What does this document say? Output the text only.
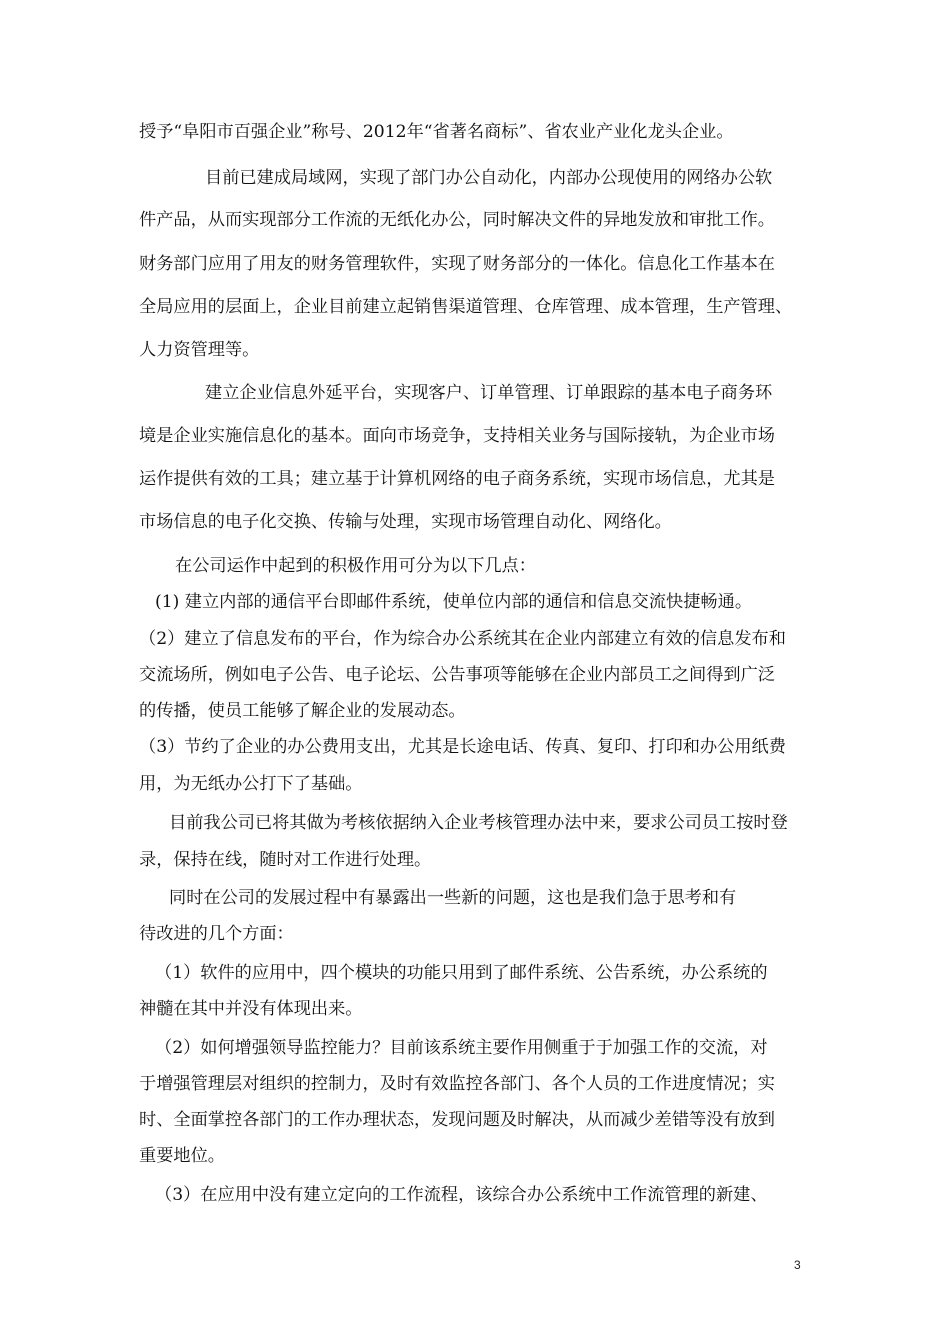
授予“阜阳市百强企业”称号、2012年“省著名商标”、省农业产业化龙头企业。
目前已建成局域网，实现了部门办公自动化，内部办公现使用的网络办公软
件产品，从而实现部分工作流的无纸化办公，同时解决文件的异地发放和审批工作。
财务部门应用了用友的财务管理软件，实现了财务部分的一体化。信息化工作基本在
全局应用的层面上，企业目前建立起销售渠道管理、仓库管理、成本管理，生产管理、
人力资管理等。
建立企业信息外延平台，实现客户、订单管理、订单跟踪的基本电子商务环
境是企业实施信息化的基本。面向市场竞争，支持相关业务与国际接轨，为企业市场
运作提供有效的工具；建立基于计算机网络的电子商务系统，实现市场信息，尤其是
市场信息的电子化交换、传输与处理，实现市场管理自动化、网络化。
在公司运作中起到的积极作用可分为以下几点：
(1) 建立内部的通信平台即邮件系统，使单位内部的通信和信息交流快捷畅通。
（2）建立了信息发布的平台，作为综合办公系统其在企业内部建立有效的信息发布和
交流场所，例如电子公告、电子论坛、公告事项等能够在企业内部员工之间得到广泛
的传播，使员工能够了解企业的发展动态。
（3）节约了企业的办公费用支出，尤其是长途电话、传真、复印、打印和办公用纸费
用，为无纸办公打下了基础。
目前我公司已将其做为考核依据纳入企业考核管理办法中来，要求公司员工按时登
录，保持在线，随时对工作进行处理。
同时在公司的发展过程中有暴露出一些新的问题，这也是我们急于思考和有
待改进的几个方面：
（1）软件的应用中，四个模块的功能只用到了邮件系统、公告系统，办公系统的
神髓在其中并没有体现出来。
（2）如何增强领导监控能力？目前该系统主要作用侧重于于加强工作的交流，对
于增强管理层对组织的控制力，及时有效监控各部门、各个人员的工作进度情况；实
时、全面掌控各部门的工作办理状态，发现问题及时解决，从而减少差错等没有放到
重要地位。
（3）在应用中没有建立定向的工作流程，该综合办公系统中工作流管理的新建、
3
